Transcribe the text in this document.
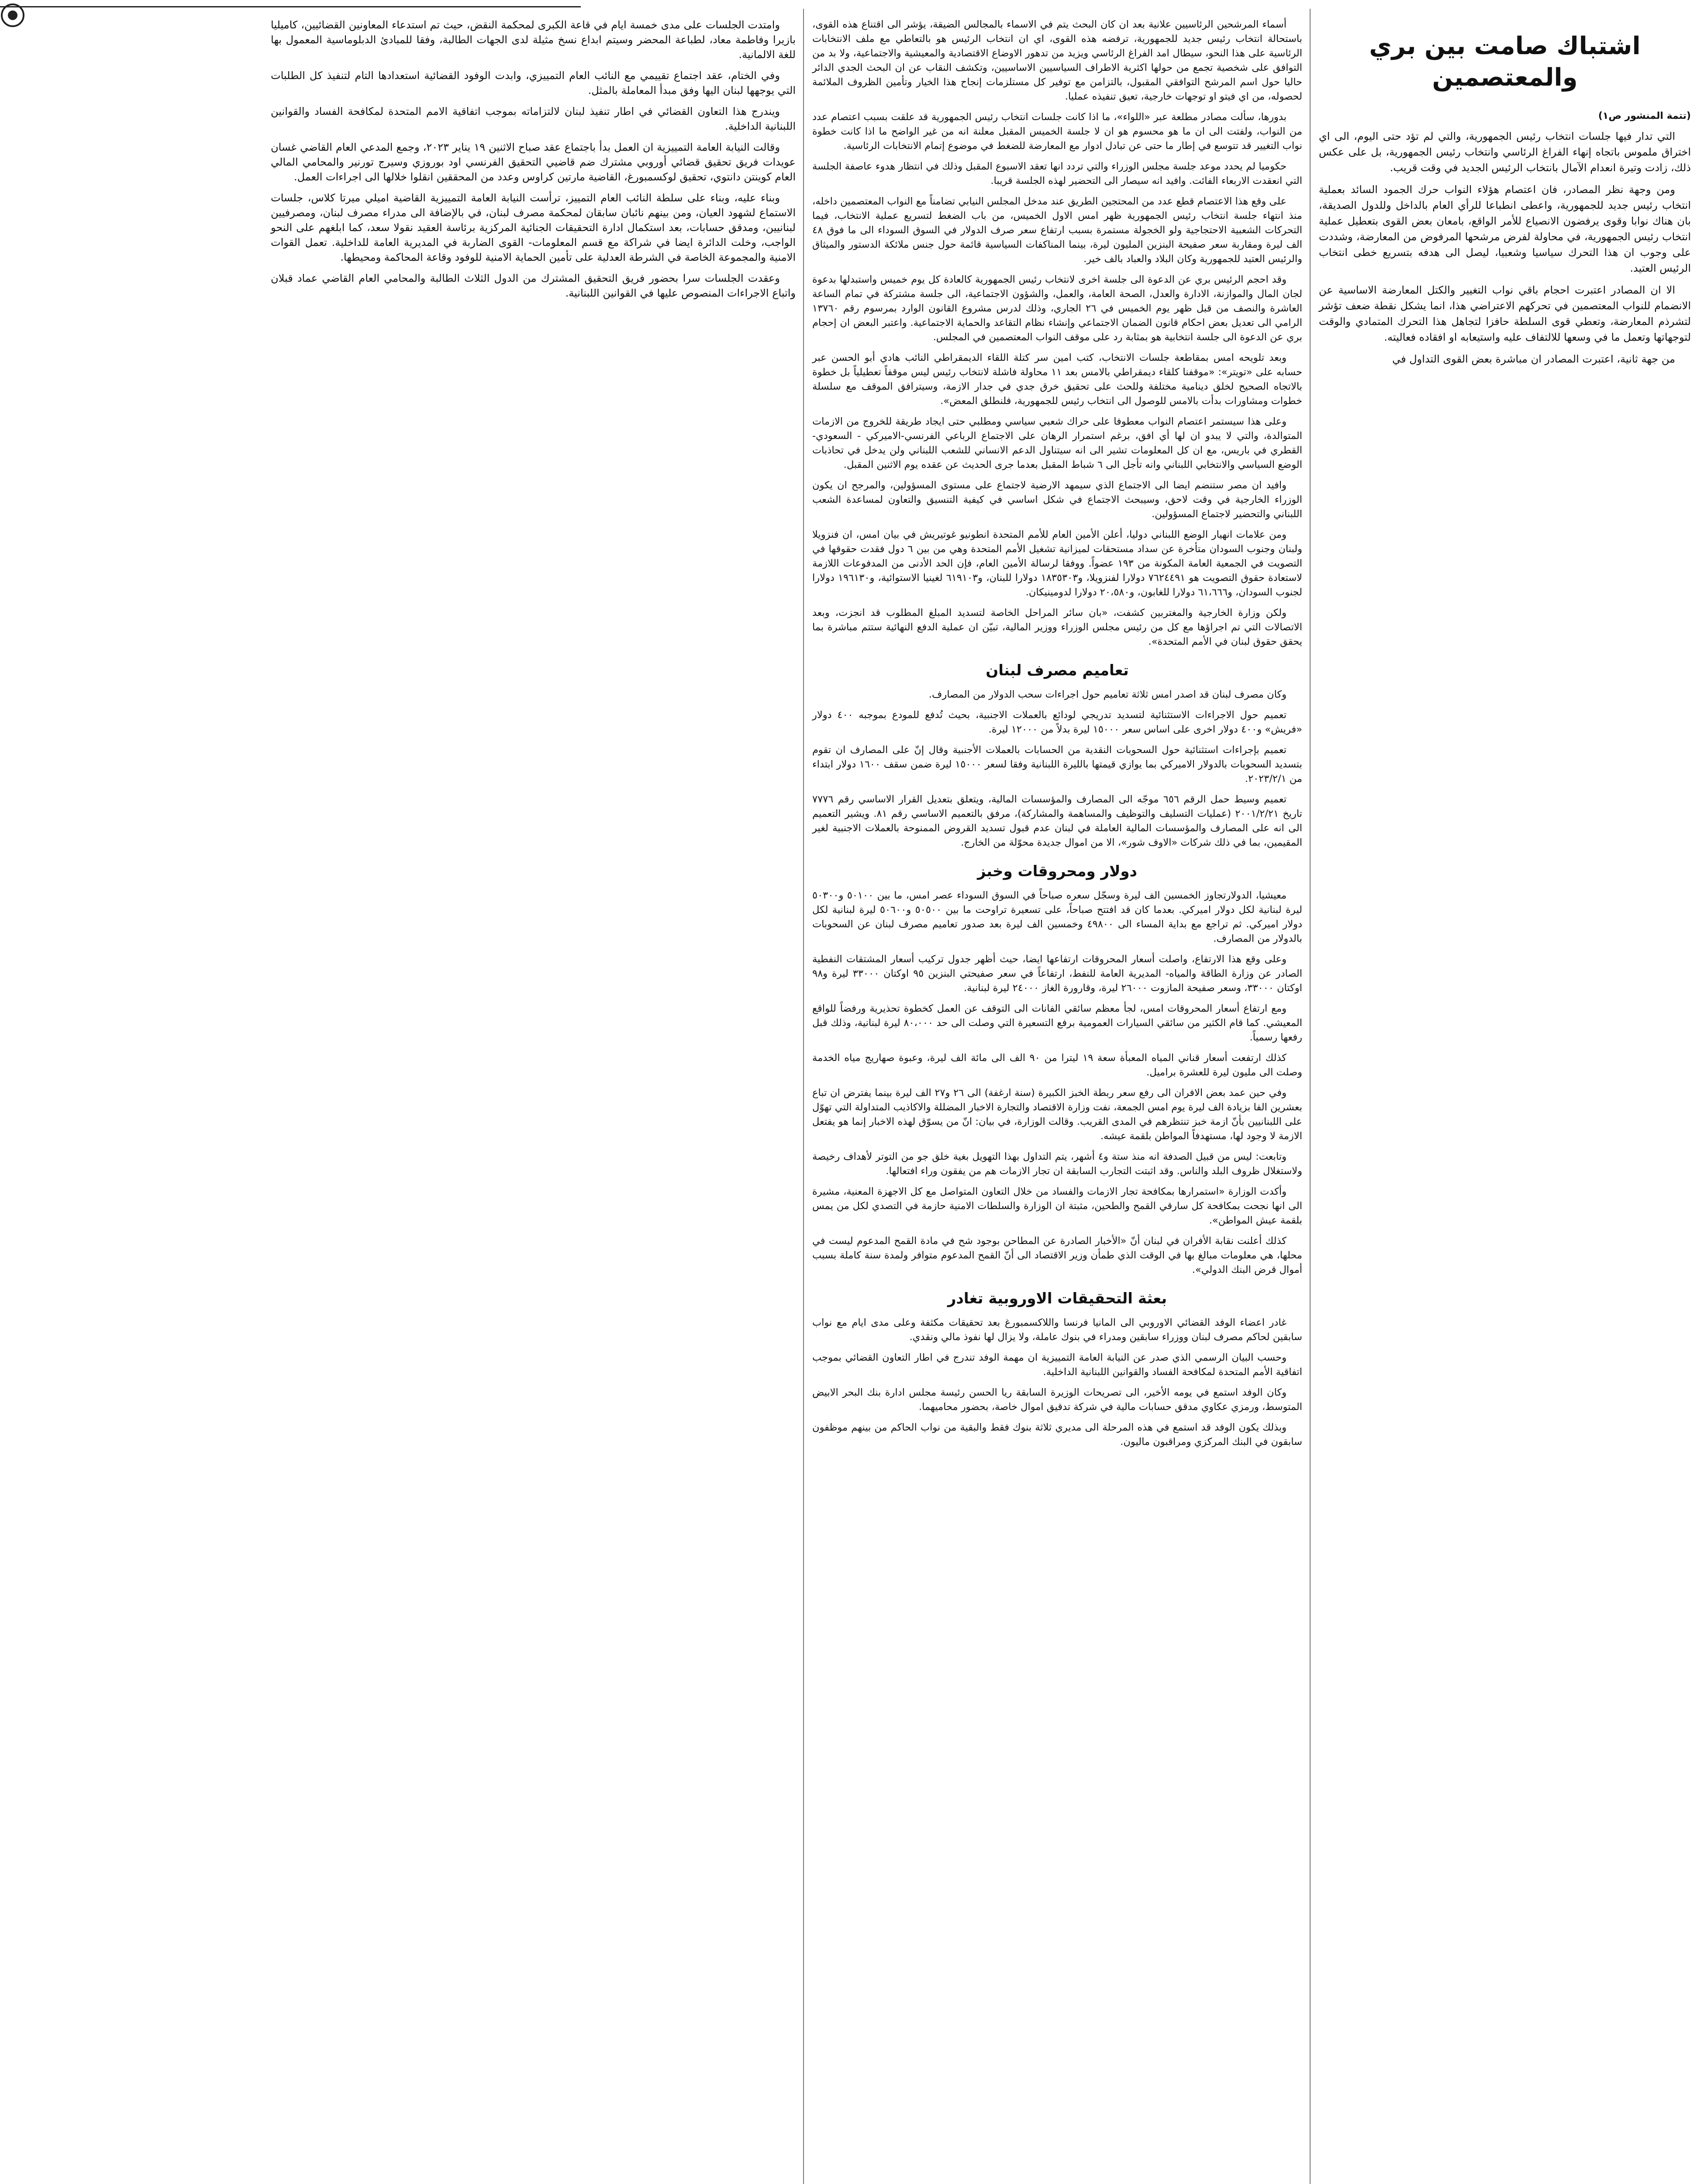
اشتباك صامت بين بري والمعتصمين
(تتمة المنشور ص١)

التي تدار فيها جلسات انتخاب رئيس الجمهورية، والتي لم تؤد حتى اليوم، الى اي اختراق ملموس باتجاه إنهاء الفراغ الرئاسي وانتخاب رئيس الجمهورية، بل على عكس ذلك، زادت وتيرة انعدام الآمال بانتخاب الرئيس الجديد في وقت قريب.

ومن وجهة نظر المصادر، فان اعتصام هؤلاء النواب حرك الجمود السائد بعملية انتخاب رئيس جديد للجمهورية، واعطى انطباعا للرأي العام بالداخل وللدول الصديقة، بان هناك نوابا وقوى يرفضون الانصياع للأمر الواقع، بامعان بعض القوى بتعطيل عملية انتخاب رئيس الجمهورية، في محاولة لفرض مرشحها المرفوض من المعارضة، وشددت على وجوب ان هذا التحرك سياسيا وشعبيا، ليصل الى هدفه بتسريع خطى انتخاب الرئيس العتيد.

الا ان المصادر اعتبرت احجام باقي نواب التغيير والكتل المعارضة الاساسية عن الانضمام للنواب المعتصمين في تحركهم الاعتراضي هذا، انما يشكل نقطة ضعف تؤشر لتشرذم المعارضة، وتعطي قوى السلطة حافزا لتجاهل هذا التحرك المتمادي والوقت لتوجهاتها وتعمل ما في وسعها للالتفاف عليه واستيعابه او افقاده فعاليته.

من جهة ثانية، اعتبرت المصادر ان مباشرة بعض القوى التداول في

أسماء المرشحين الرئاسيين علانية بعد ان كان البحث يتم في الاسماء بالمجالس الضيقة، يؤشر الى اقتناع هذه القوى، باستحالة انتخاب رئيس جديد للجمهورية، ترفضه هذه القوى، اي ان انتخاب الرئيس هو بالتعاطي مع ملف الانتخابات الرئاسية على هذا النحو، سيطال امد الفراغ الرئاسي ويزيد من تدهور الاوضاع الاقتصادية والمعيشية والاجتماعية، ولا بد من التوافق على شخصية تجمع من حولها اكثرية الاطراف السياسيين الاساسيين، وتكشف النقاب عن ان البحث الجدي الدائر حاليا حول اسم المرشح التوافقي المقبول، بالتزامن مع توفير كل مستلزمات إنجاح هذا الخيار وتأمين الظروف الملائمة لحصوله، من اي فيتو او توجهات خارجية، تعيق تنفيذه عمليا.

بدورها، سألت مصادر مطلعة عبر «اللواء»، ما اذا كانت جلسات انتخاب رئيس الجمهورية قد علقت بسبب اعتصام عدد من النواب، ولفتت الى ان ما هو محسوم هو ان لا جلسة الخميس المقبل معلنة انه من غير الواضح ما اذا كانت خطوة نواب التغيير قد تتوسع في إطار ما حتى عن تبادل ادوار مع المعارضة للضغط في موضوع إتمام الانتخابات الرئاسية.

حكوميا لم يحدد موعد جلسة مجلس الوزراء والتي تردد انها تعقد الاسبوع المقبل وذلك في انتظار هدوء عاصفة الجلسة التي انعقدت الاربعاء الفائت. وافيد انه سيصار الى التحضير لهذه الجلسة قريبا.

على وقع هذا الاعتصام قطع عدد من المحتجين الطريق عند مدخل المجلس النيابي تضامناً مع النواب المعتصمين داخله، منذ انتهاء جلسة انتخاب رئيس الجمهورية ظهر امس الاول الخميس، من باب الضغط لتسريع عملية الانتخاب، فيما التحركات الشعبية الاحتجاجية ولو الخجولة مستمرة بسبب ارتفاع سعر صرف الدولار في السوق السوداء الى ما فوق ٤٨ الف ليرة ومقاربة سعر صفيحة البنزين المليون ليرة، بينما المناكفات السياسية قائمة حول جنس ملائكة الدستور والميثاق والرئيس العتيد للجمهورية وكان البلاد والعباد بالف خير.

وقد احجم الرئيس بري عن الدعوة الى جلسة اخرى لانتخاب رئيس الجمهورية كالعادة كل يوم خميس واستبدلها بدعوة لجان المال والموازنة، الادارة والعدل، الصحة العامة، والعمل، والشؤون الاجتماعية، الى جلسة مشتركة في تمام الساعة العاشرة والنصف من قبل ظهر يوم الخميس في ٢٦ الجاري، وذلك لدرس مشروع القانون الوارد بمرسوم رقم ١٣٧٦٠ الرامي الى تعديل بعض احكام قانون الضمان الاجتماعي وإنشاء نظام التقاعد والحماية الاجتماعية. واعتبر البعض ان إحجام بري عن الدعوة الى جلسة انتخابية هو بمثابة رد على موقف النواب المعتصمين في المجلس.

وبعد تلويحه امس بمقاطعة جلسات الانتخاب، كتب امين سر كتلة اللقاء الديمقراطي النائب هادي أبو الحسن عبر حسابه على «تويتر»: «موقفنا كلقاء ديمقراطي بالامس بعد ١١ محاولة فاشلة لانتخاب رئيس ليس موقفاً تعطيلياً بل خطوة بالاتجاه الصحيح لخلق دينامية مختلفة وللحث على تحقيق خرق جدي في جدار الازمة، وسيترافق الموقف مع سلسلة خطوات ومشاورات بدأت بالامس للوصول الى انتخاب رئيس للجمهورية، فلنطلق المعض».

وعلى هذا سيستمر اعتصام النواب معطوفا على حراك شعبي سياسي ومطلبي حتى ايجاد طريقة للخروج من الازمات المتوالدة، والتي لا يبدو ان لها أي افق، برغم استمرار الرهان على الاجتماع الرباعي الفرنسي-الاميركي - السعودي- القطري في باريس، مع ان كل المعلومات تشير الى انه سيتناول الدعم الانساني للشعب اللبناني ولن يدخل في تحاذبات الوضع السياسي والانتخابي اللبناني وانه تأجل الى ٦ شباط المقبل بعدما جرى الحديث عن عقده يوم الاثنين المقبل.

وافيد ان مصر ستنضم ايضا الى الاجتماع الذي سيمهد الارضية لاجتماع على مستوى المسؤولين، والمرجح ان يكون الوزراء الخارجية في وقت لاحق، وسيبحث الاجتماع في شكل اساسي في كيفية التنسيق والتعاون لمساعدة الشعب اللبناني والتحضير لاجتماع المسؤولين.

ومن علامات انهيار الوضع اللبناني دوليا، أعلن الأمين العام للأمم المتحدة انطونيو غوتيريش في بيان امس، ان فنزويلا ولبنان وجنوب السودان متأخرة عن سداد مستحقات لميزانية تشغيل الأمم المتحدة وهي من بين ٦ دول فقدت حقوقها في التصويت في الجمعية العامة المكونة من ١٩٣ عضواً. ووفقا لرسالة الأمين العام، فإن الحد الأدنى من المدفوعات اللازمة لاستعادة حقوق التصويت هو ٧٦٢٤٤٩١ دولارا لفنزويلا، و١٨٣٥٣٠٣ دولارا للبنان، و٦١٩١٠٣ لغينيا الاستوائية، و١٩٦١٣٠ دولارا لجنوب السودان، و٦١،٦٦٦ دولارا للغابون، و٢٠،٥٨٠ دولارا لدومينيكان.

ولكن وزارة الخارجية والمغتربين كشفت، «بان سائر المراحل الخاصة لتسديد المبلغ المطلوب قد انجزت، وبعد الاتصالات التي تم اجراؤها مع كل من رئيس مجلس الوزراء ووزير المالية، تبيّن ان عملية الدفع النهائية ستتم مباشرة بما يحقق حقوق لبنان في الأمم المتحدة».

تعاميم مصرف لبنان

وكان مصرف لبنان قد اصدر امس ثلاثة تعاميم حول اجراءات سحب الدولار من المصارف.

تعميم حول الاجراءات الاستثنائية لتسديد تدريجي لودائع بالعملات الاجنبية، بحيث تُدفع للمودع بموجبه ٤٠٠ دولار «فريش» و٤٠٠ دولار اخرى على اساس سعر ١٥٠٠٠ ليرة بدلاً من ١٢٠٠٠ ليرة.

تعميم بإجراءات استثنائية حول السحوبات النقدية من الحسابات بالعملات الأجنبية وقال إنّ على المصارف ان تقوم بتسديد السحوبات بالدولار الاميركي بما يوازي قيمتها بالليرة اللبنانية وفقا لسعر ١٥٠٠٠ ليرة ضمن سقف ١٦٠٠ دولار ابتداء من ٢٠٢٣/٢/١.

تعميم وسيط حمل الرقم ٦٥٦ موجّه الى المصارف والمؤسسات المالية، ويتعلق بتعديل القرار الاساسي رقم ٧٧٧٦ تاريخ ٢٠٠١/٢/٢١ (عمليات التسليف والتوظيف والمساهمة والمشاركة)، مرفق بالتعميم الاساسي رقم ٨١. ويشير التعميم الى انه على المصارف والمؤسسات المالية العاملة في لبنان عدم قبول تسديد القروض الممنوحة بالعملات الاجنبية لغير المقيمين، بما في ذلك شركات «الاوف شور»، الا من اموال جديدة محوّلة من الخارج.

دولار ومحروقات وخبز

معيشيا، الدولارتجاوز الخمسين الف ليرة وسجّل سعره صباحاً في السوق السوداء عصر امس، ما بين ٥٠١٠٠ و٥٠٣٠٠ ليرة لبنانية لكل دولار اميركي. بعدما كان قد افتتح صباحاً، على تسعيرة تراوحت ما بين ٥٠٥٠٠ و٥٠٦٠٠ ليرة لبنانية لكل دولار اميركي. ثم تراجع مع بداية المساء الى ٤٩٨٠٠ وخمسين الف ليرة بعد صدور تعاميم مصرف لبنان عن السحوبات بالدولار من المصارف.

وعلى وقع هذا الارتفاع، واصلت أسعار المحروقات ارتفاعها ايضا، حيث أظهر جدول تركيب أسعار المشتقات النفطية الصادر عن وزارة الطاقة والمياه- المديرية العامة للنفط، ارتفاعاً في سعر صفيحتي البنزين ٩٥ اوكتان ٣٣٠٠٠ ليرة و٩٨ اوكتان ٣٣٠٠٠، وسعر صفيحة المازوت ٢٦٠٠٠ ليرة، وقارورة الغاز ٢٤٠٠٠ ليرة لبنانية.

ومع ارتفاع أسعار المحروقات امس، لجأ معظم سائقي الفانات الى التوقف عن العمل كخطوة تحذيرية ورفضاً للواقع المعيشي. كما قام الكثير من سائقي السيارات العمومية برفع التسعيرة التي وصلت الى حد ٨٠،٠٠٠ ليرة لبنانية، وذلك قبل رفعها رسمياً.

كذلك ارتفعت أسعار قناني المياه المعبأة سعة ١٩ ليترا من ٩٠ الف الى مائة الف ليرة، وعبوة صهاريج مياه الخدمة وصلت الى مليون ليرة للعشرة براميل.

وفي حين عمد بعض الافران الى رفع سعر ربطة الخبز الكبيرة (سنة ارغفة) الى ٢٦ و٢٧ الف ليرة بينما يفترض ان تباع بعشرين الفا بزيادة الف ليرة يوم امس الجمعة، نفت وزارة الاقتصاد والتجارة الاخبار المضللة والاكاذيب المتداولة التي تهوّل على اللبنانيين بأنّ ازمة خبز تنتظرهم في المدى القريب. وقالت الوزارة، في بيان: انّ من يسوّق لهذه الاخبار إنما هو يفتعل الازمة لا وجود لها، مستهدفاً المواطن بلقمة عيشه.

وتابعت: ليس من قبيل الصدفة انه منذ ستة و٤ أشهر، يتم التداول بهذا التهويل بغية خلق جو من التوتر لأهداف رخيصة ولاستغلال ظروف البلد والناس. وقد اثبتت التجارب السابقة ان تجار الازمات هم من يفقون وراء افتعالها.

وأكدت الوزارة «استمرارها بمكافحة تجار الازمات والفساد من خلال التعاون المتواصل مع كل الاجهزة المعنية، مشيرة الى انها نجحت بمكافحة كل سارقي القمح والطحين، مثبتة ان الوزارة والسلطات الامنية حازمة في التصدي لكل من يمس بلقمة عيش المواطن».

كذلك أعلنت نقابة الأفران في لبنان أنّ «الأخبار الصادرة عن المطاحن بوجود شح في مادة القمح المدعوم ليست في محلها، هي معلومات مبالغ بها في الوقت الذي طمأن وزير الاقتصاد الى أنّ القمح المدعوم متوافر ولمدة سنة كاملة بسبب أموال قرض البنك الدولي».

بعثة التحقيقات الاوروبية تغادر

غادر اعضاء الوفد القضائي الاوروبي الى المانيا فرنسا واللاكسمبورغ بعد تحقيقات مكثفة وعلى مدى ايام مع نواب سابقين لحاكم مصرف لبنان ووزراء سابقين ومدراء في بنوك عاملة، ولا يزال لها نفوذ مالي ونقدي.

وحسب البيان الرسمي الذي صدر عن النيابة العامة التمييزية ان مهمة الوفد تندرج في اطار التعاون القضائي بموجب اتفاقية الأمم المتحدة لمكافحة الفساد والقوانين اللبنانية الداخلية.

وكان الوفد استمع في يومه الأخير، الى تصريحات الوزيرة السابقة ريا الحسن رئيسة مجلس ادارة بنك البحر الابيض المتوسط، ورمزي عكاوي مدقق حسابات مالية في شركة تدقيق اموال خاصة، بحضور محاميهما.

وبذلك يكون الوفد قد استمع في هذه المرحلة الى مديري ثلاثة بنوك فقط والبقية من نواب الحاكم من بينهم موظفون سابقون في البنك المركزي ومراقبون ماليون.

وامتدت الجلسات على مدى خمسة ايام في قاعة الكبرى لمحكمة النقض، حيث تم استدعاء المعاونين القضائيين، كاميليا بازيرا وفاطمة معاد، لطباعة المحضر وسيتم ابداع نسخ مثيلة لدى الجهات الطالبة، وفقا للمبادئ الدبلوماسية المعمول بها للغة الالمانية.

وفي الختام، عقد اجتماع تقييمي مع النائب العام التمييزي، وابدت الوفود القضائية استعدادها التام لتنفيذ كل الطلبات التي يوجهها لبنان اليها وفق مبدأ المعاملة بالمثل.

ويندرج هذا التعاون القضائي في اطار تنفيذ لبنان لالتزاماته بموجب اتفاقية الامم المتحدة لمكافحة الفساد والقوانين اللبنانية الداخلية.

وقالت النيابة العامة التمييزية ان العمل بدأ باجتماع عقد صباح الاثنين ١٩ يناير ٢٠٢٣، وجمع المدعي العام القاضي غسان عويدات فريق تحقيق قضائي أوروبي مشترك ضم قاضيي التحقيق الفرنسي اود بوروزي وسيرج تورنير والمحامي المالي العام كوينتن دانتوي، تحقيق لوكسمبورغ، القاضية مارتين كراوس وعدد من المحققين انقلوا خلالها الى اجراءات العمل.

وبناء عليه، وبناء على سلطة النائب العام التمييز، ترأست النيابة العامة التمييزية القاضية اميلي ميرتا كلاس، جلسات الاستماع لشهود العيان، ومن بينهم نائبان سابقان لمحكمة مصرف لبنان، في بالإضافة الى مدراء مصرف لبنان، ومصرفيين لبنانيين، ومدقق حسابات، بعد استكمال ادارة التحقيقات الجنائية المركزية برئاسة العقيد نقولا سعد، كما ابلغهم على النحو الواجب، وخلت الدائرة ايضا في شراكة مع قسم المعلومات- القوى الضاربة في المديرية العامة للداخلية. تعمل القوات الامنية والمجموعة الخاصة في الشرطة العدلية على تأمين الحماية الامنية للوفود وقاعة المحاكمة ومحيطها.

وعقدت الجلسات سرا بحضور فريق التحقيق المشترك من الدول الثلاث الطالبة والمحامي العام القاضي عماد قبلان واتباع الاجراءات المنصوص عليها في القوانين اللبنانية.
